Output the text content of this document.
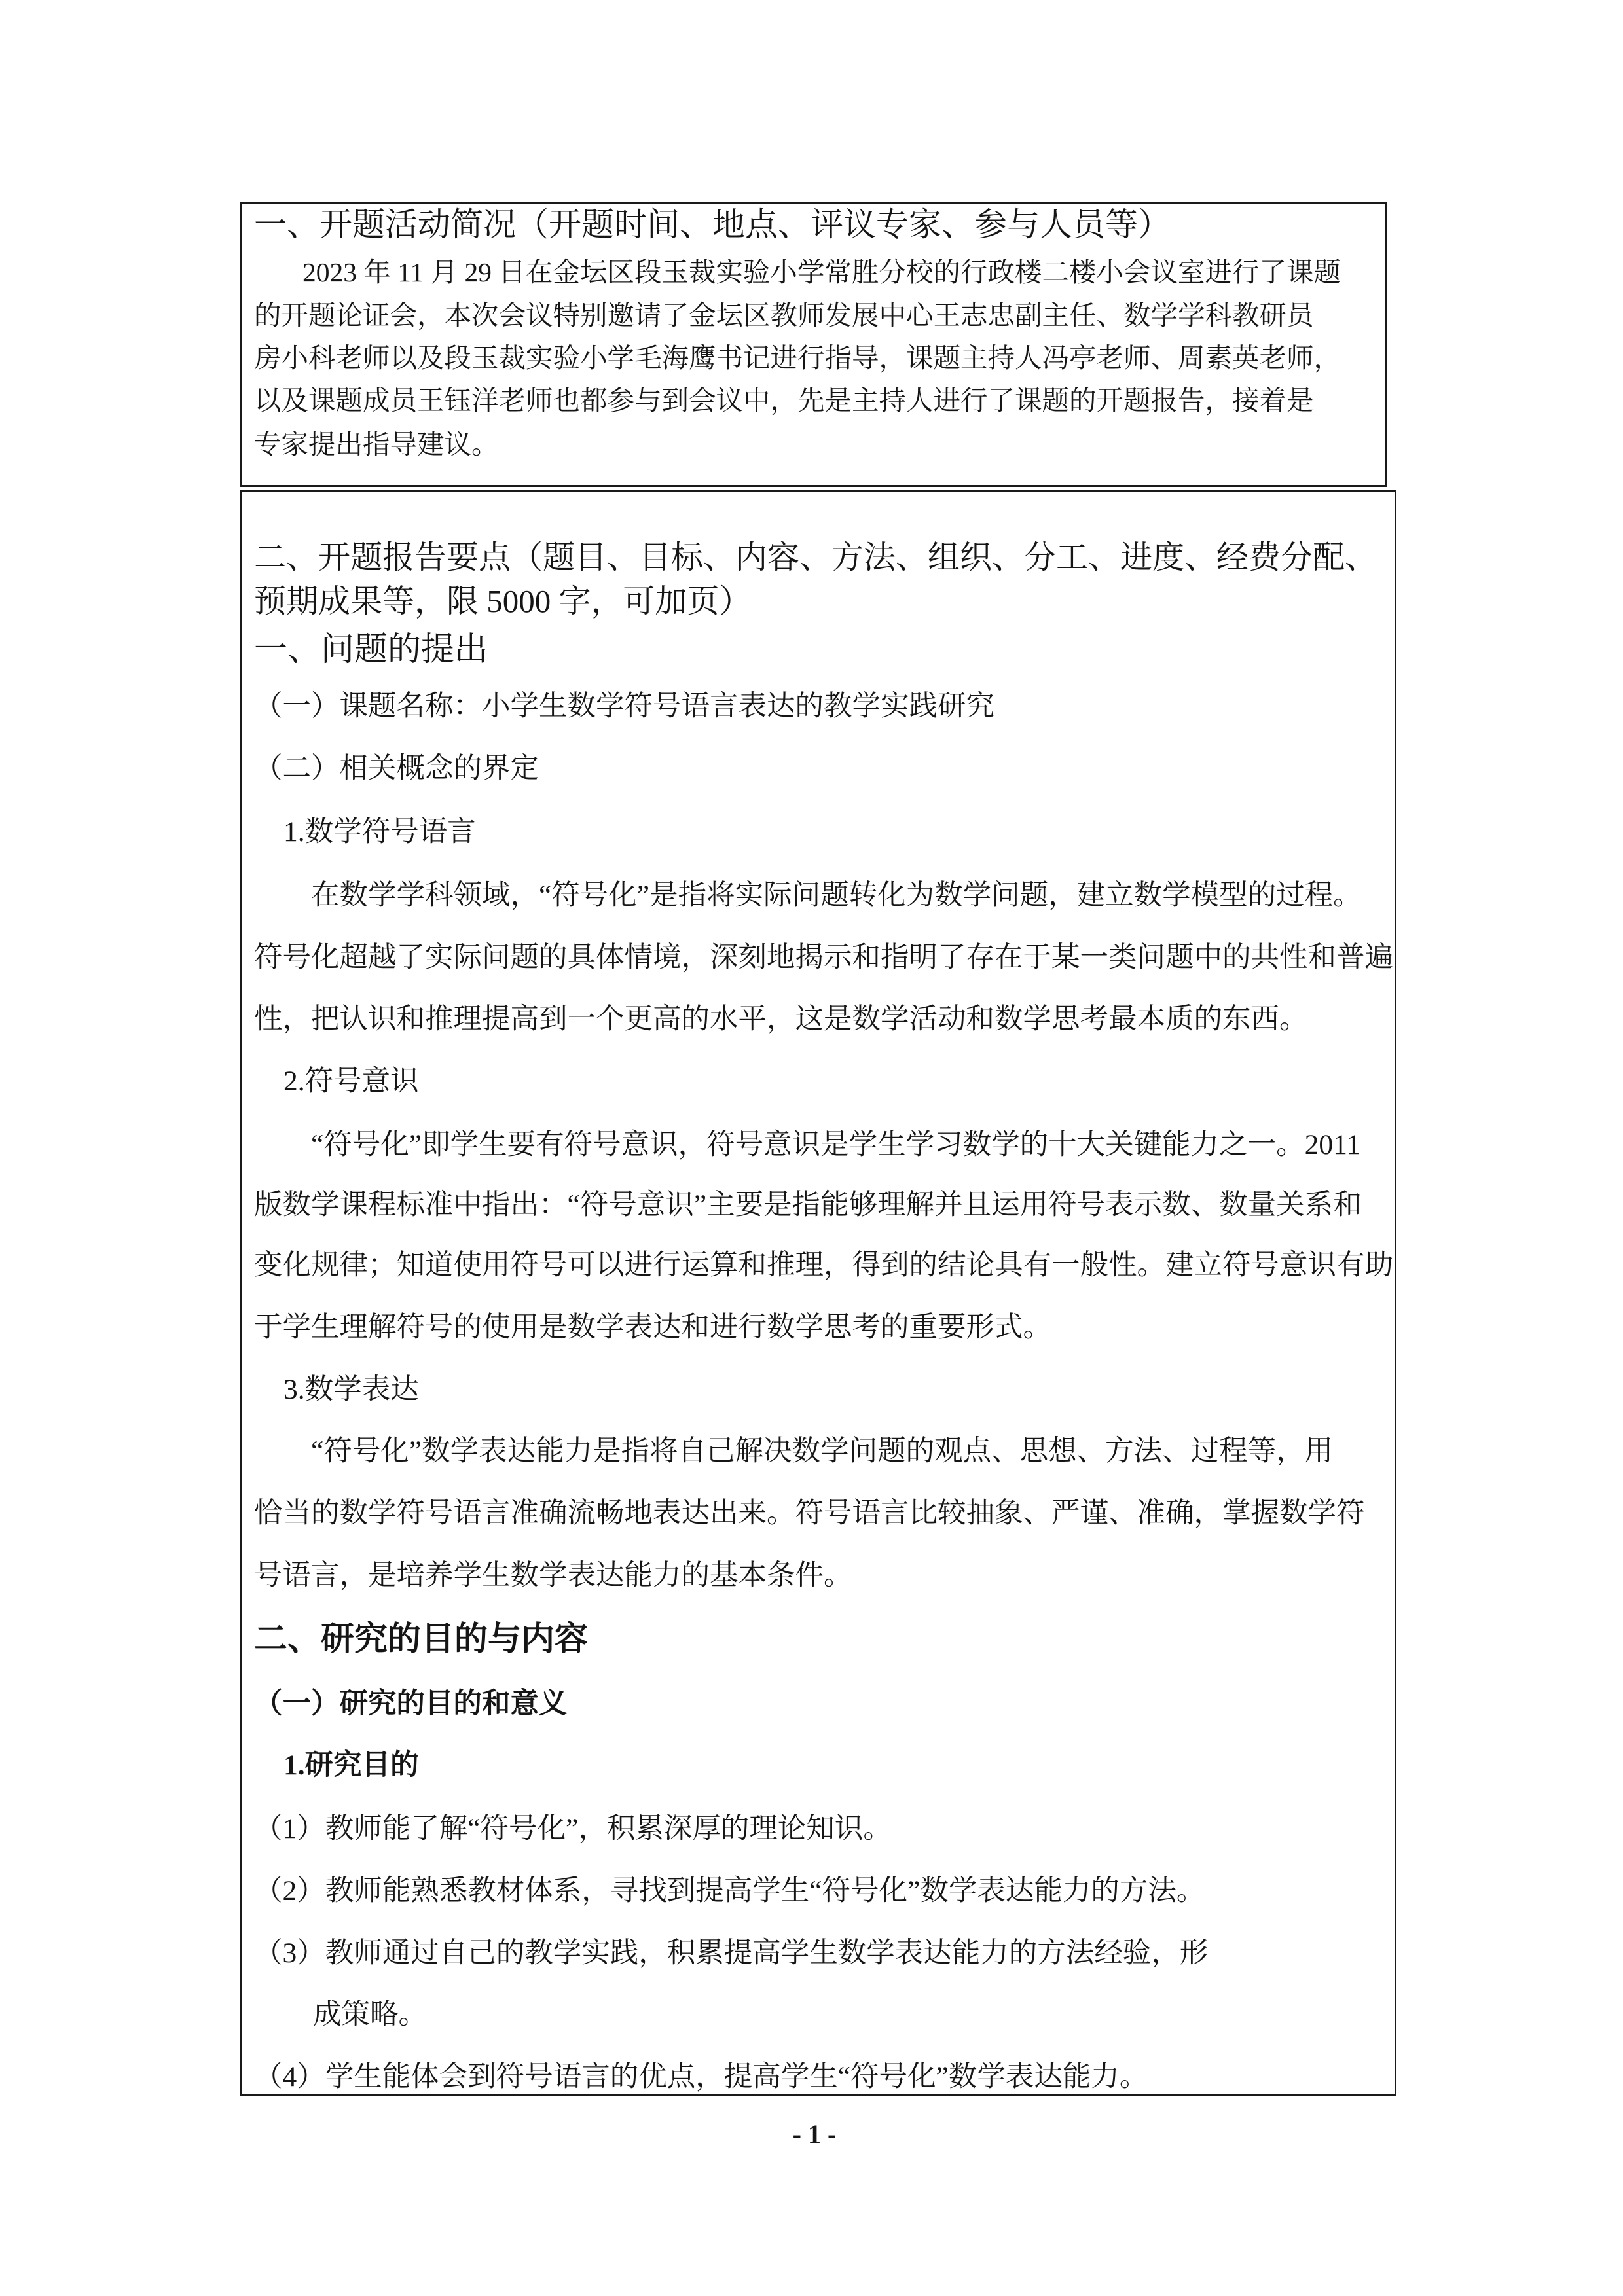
一、开题活动简况（开题时间、地点、评议专家、参与人员等）
2023 年 11 月 29 日在金坛区段玉裁实验小学常胜分校的行政楼二楼小会议室进行了课题
的开题论证会，本次会议特别邀请了金坛区教师发展中心王志忠副主任、数学学科教研员
房小科老师以及段玉裁实验小学毛海鹰书记进行指导，课题主持人冯亭老师、周素英老师，
以及课题成员王钰洋老师也都参与到会议中，先是主持人进行了课题的开题报告，接着是
专家提出指导建议。
二、开题报告要点（题目、目标、内容、方法、组织、分工、进度、经费分配、
预期成果等，限 5000 字，可加页）
一、问题的提出
（一）课题名称：小学生数学符号语言表达的教学实践研究
（二）相关概念的界定
1.数学符号语言
在数学学科领域，“符号化”是指将实际问题转化为数学问题，建立数学模型的过程。
符号化超越了实际问题的具体情境，深刻地揭示和指明了存在于某一类问题中的共性和普遍
性，把认识和推理提高到一个更高的水平，这是数学活动和数学思考最本质的东西。
2.符号意识
“符号化”即学生要有符号意识，符号意识是学生学习数学的十大关键能力之一。2011
版数学课程标准中指出：“符号意识”主要是指能够理解并且运用符号表示数、数量关系和
变化规律；知道使用符号可以进行运算和推理，得到的结论具有一般性。建立符号意识有助
于学生理解符号的使用是数学表达和进行数学思考的重要形式。
3.数学表达
“符号化”数学表达能力是指将自己解决数学问题的观点、思想、方法、过程等，用
恰当的数学符号语言准确流畅地表达出来。符号语言比较抽象、严谨、准确，掌握数学符
号语言，是培养学生数学表达能力的基本条件。
二、研究的目的与内容
（一）研究的目的和意义
1.研究目的
（1）教师能了解“符号化”，积累深厚的理论知识。
（2）教师能熟悉教材体系，寻找到提高学生“符号化”数学表达能力的方法。
（3）教师通过自己的教学实践，积累提高学生数学表达能力的方法经验，形
成策略。
（4）学生能体会到符号语言的优点，提高学生“符号化”数学表达能力。
- 1 -
